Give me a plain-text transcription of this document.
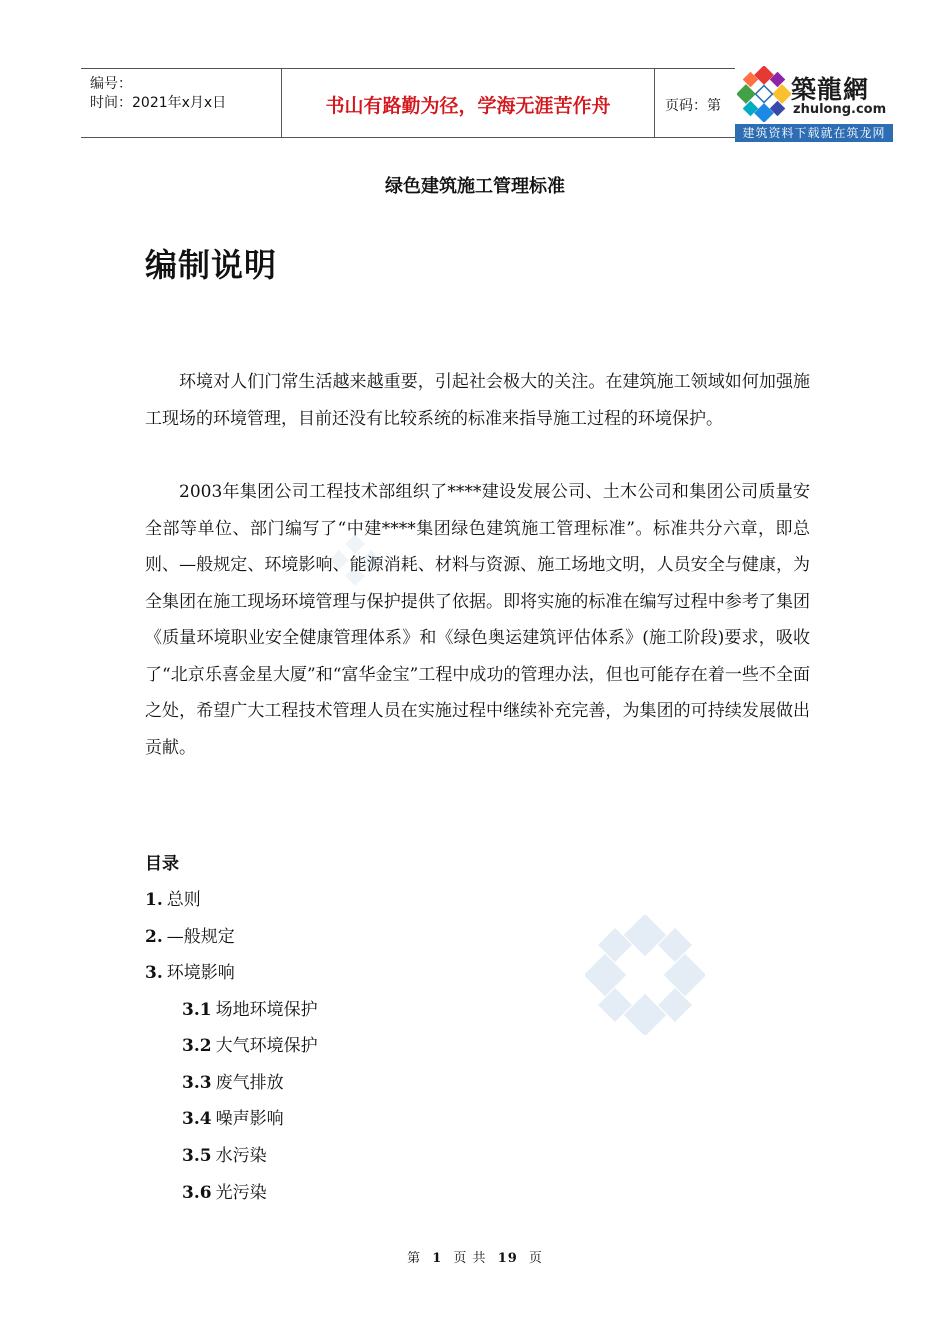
编号：
时间：2021年x月x日	书山有路勤为径，学海无涯苦作舟	页码：第
築龍網
zhulong.com
建筑资料下载就在筑龙网
绿色建筑施工管理标准
编制说明

环境对人们门常生活越来越重要，引起社会极大的关注。在建筑施工领域如何加强施工现场的环境管理，目前还没有比较系统的标准来指导施工过程的环境保护。

2003年集团公司工程技术部组织了****建设发展公司、土木公司和集团公司质量安全部等单位、部门编写了“中建****集团绿色建筑施工管理标准”。标准共分六章，即总则、—般规定、环境影响、能源消耗、材料与资源、施工场地文明，人员安全与健康，为全集团在施工现场环境管理与保护提供了依据。即将实施的标准在编写过程中参考了集团《质量环境职业安全健康管理体系》和《绿色奥运建筑评估体系》(施工阶段)要求，吸收了“北京乐喜金星大厦”和“富华金宝”工程中成功的管理办法，但也可能存在着一些不全面之处，希望广大工程技术管理人员在实施过程中继续补充完善，为集团的可持续发展做出贡献。

目录
1. 总则
2. —般规定
3. 环境影响
3.1 场地环境保护
3.2 大气环境保护
3.3 废气排放
3.4 噪声影响
3.5 水污染
3.6 光污染
第 1 页 共 19 页
